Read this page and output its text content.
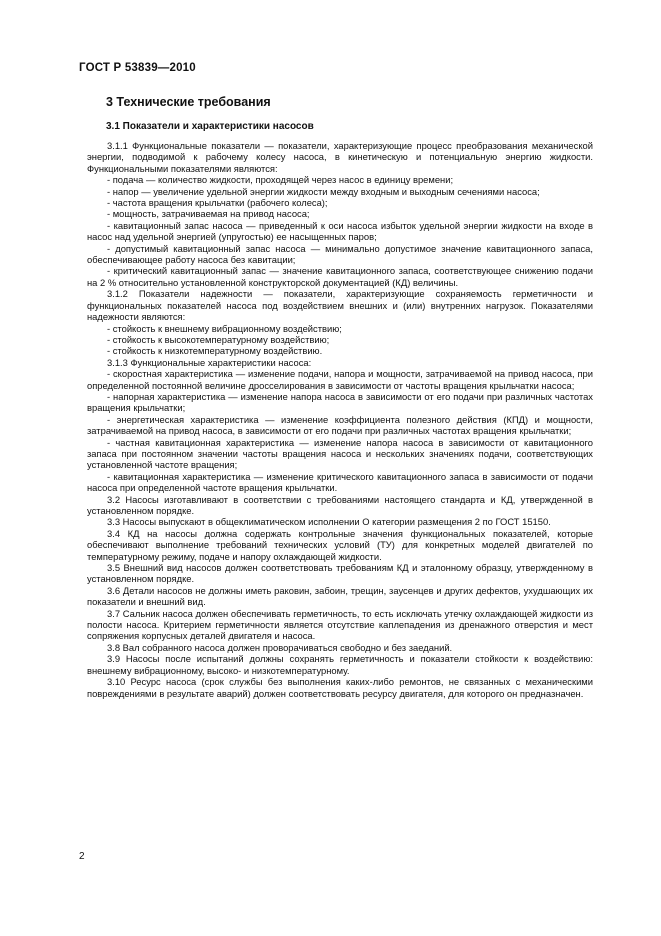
ГОСТ Р 53839—2010
3 Технические требования
3.1 Показатели и характеристики насосов

3.1.1 Функциональные показатели — показатели, характеризующие процесс преобразования механической энергии, подводимой к рабочему колесу насоса, в кинетическую и потенциальную энергию жидкости. Функциональными показателями являются:

- подача — количество жидкости, проходящей через насос в единицу времени;

- напор — увеличение удельной энергии жидкости между входным и выходным сечениями насоса;

- частота вращения крыльчатки (рабочего колеса);

- мощность, затрачиваемая на привод насоса;

- кавитационный запас насоса — приведенный к оси насоса избыток удельной энергии жидкости на входе в насос над удельной энергией (упругостью) ее насыщенных паров;

- допустимый кавитационный запас насоса — минимально допустимое значение кавитационного запаса, обеспечивающее работу насоса без кавитации;

- критический кавитационный запас — значение кавитационного запаса, соответствующее снижению подачи на 2 % относительно установленной конструкторской документацией (КД) величины.

3.1.2 Показатели надежности — показатели, характеризующие сохраняемость герметичности и функциональных показателей насоса под воздействием внешних и (или) внутренних нагрузок. Показателями надежности являются:

- стойкость к внешнему вибрационному воздействию;

- стойкость к высокотемпературному воздействию;

- стойкость к низкотемпературному воздействию.

3.1.3 Функциональные характеристики насоса:

- скоростная характеристика — изменение подачи, напора и мощности, затрачиваемой на привод насоса, при определенной постоянной величине дросселирования в зависимости от частоты вращения крыльчатки насоса;

- напорная характеристика — изменение напора насоса в зависимости от его подачи при различных частотах вращения крыльчатки;

- энергетическая характеристика — изменение коэффициента полезного действия (КПД) и мощности, затрачиваемой на привод насоса, в зависимости от его подачи при различных частотах вращения крыльчатки;

- частная кавитационная характеристика — изменение напора насоса в зависимости от кавитационного запаса при постоянном значении частоты вращения насоса и нескольких значениях подачи, соответствующих установленной частоте вращения;

- кавитационная характеристика — изменение критического кавитационного запаса в зависимости от подачи насоса при определенной частоте вращения крыльчатки.

3.2 Насосы изготавливают в соответствии с требованиями настоящего стандарта и КД, утвержденной в установленном порядке.

3.3 Насосы выпускают в общеклиматическом исполнении О категории размещения 2 по ГОСТ 15150.

3.4 КД на насосы должна содержать контрольные значения функциональных показателей, которые обеспечивают выполнение требований технических условий (ТУ) для конкретных моделей двигателей по температурному режиму, подаче и напору охлаждающей жидкости.

3.5 Внешний вид насосов должен соответствовать требованиям КД и эталонному образцу, утвержденному в установленном порядке.

3.6 Детали насосов не должны иметь раковин, забоин, трещин, заусенцев и других дефектов, ухудшающих их показатели и внешний вид.

3.7 Сальник насоса должен обеспечивать герметичность, то есть исключать утечку охлаждающей жидкости из полости насоса. Критерием герметичности является отсутствие каплепадения из дренажного отверстия и мест сопряжения корпусных деталей двигателя и насоса.

3.8 Вал собранного насоса должен проворачиваться свободно и без заеданий.

3.9 Насосы после испытаний должны сохранять герметичность и показатели стойкости к воздействию: внешнему вибрационному, высоко- и низкотемпературному.

3.10 Ресурс насоса (срок службы без выполнения каких-либо ремонтов, не связанных с механическими повреждениями в результате аварий) должен соответствовать ресурсу двигателя, для которого он предназначен.

2
